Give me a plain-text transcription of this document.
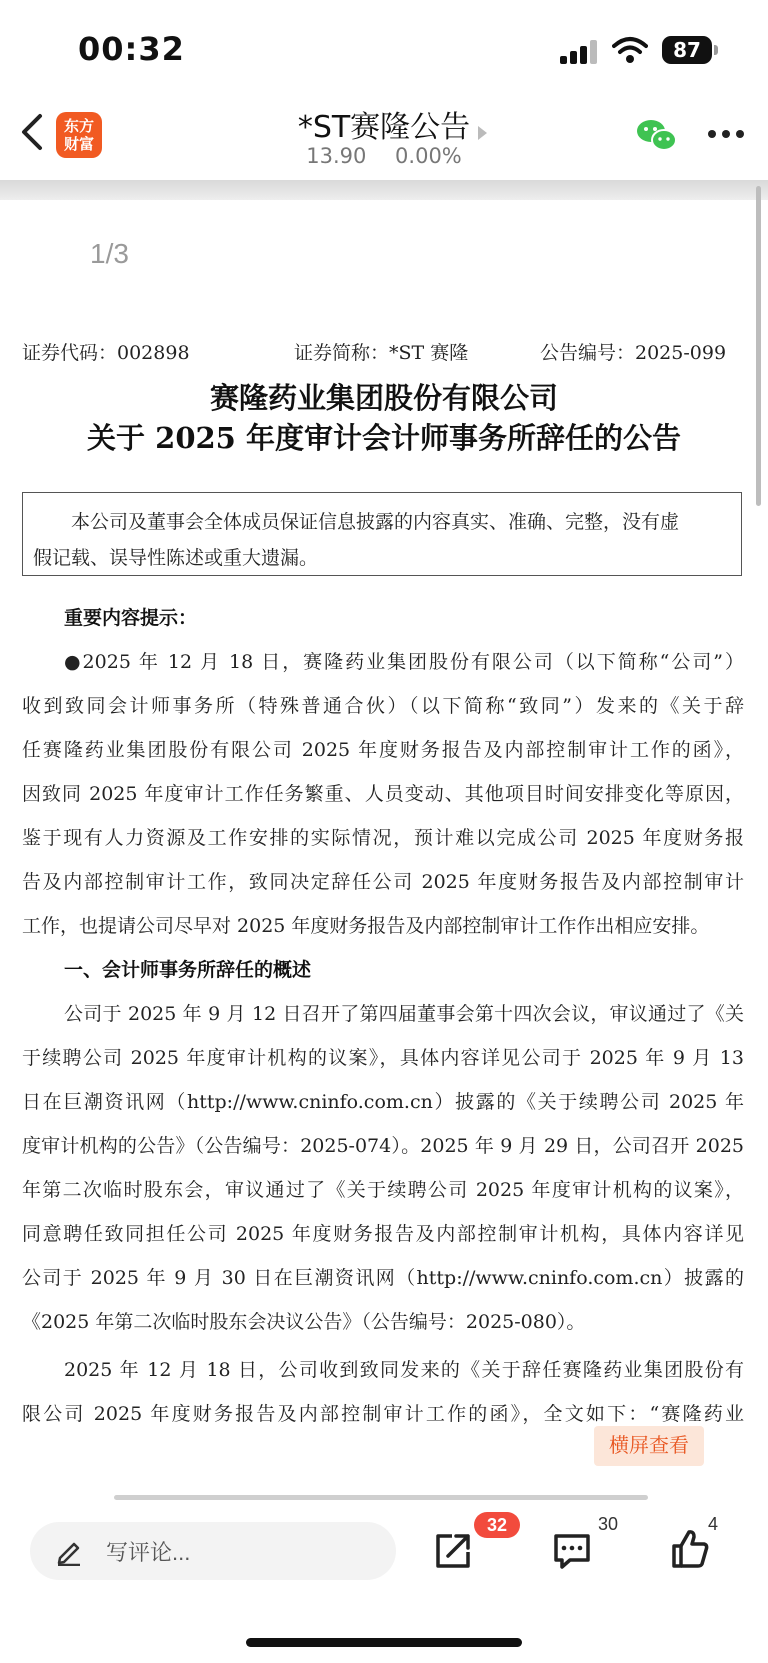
00:32	87
东方
财富	*ST赛隆公告
13.90 0.00%
1/3
证券代码：002898	证券简称：*ST 赛隆	公告编号：2025-099
赛隆药业集团股份有限公司
关于 2025 年度审计会计师事务所辞任的公告
本公司及董事会全体成员保证信息披露的内容真实、准确、完整，没有虚
假记载、误导性陈述或重大遗漏。
重要内容提示：
●2025 年 12 月 18 日，赛隆药业集团股份有限公司（以下简称“公司”）
收到致同会计师事务所（特殊普通合伙）（以下简称“致同”）发来的《关于辞
任赛隆药业集团股份有限公司 2025 年度财务报告及内部控制审计工作的函》，
因致同 2025 年度审计工作任务繁重、人员变动、其他项目时间安排变化等原因，
鉴于现有人力资源及工作安排的实际情况，预计难以完成公司 2025 年度财务报
告及内部控制审计工作，致同决定辞任公司 2025 年度财务报告及内部控制审计
工作，也提请公司尽早对 2025 年度财务报告及内部控制审计工作作出相应安排。
一、会计师事务所辞任的概述
公司于 2025 年 9 月 12 日召开了第四届董事会第十四次会议，审议通过了《关
于续聘公司 2025 年度审计机构的议案》，具体内容详见公司于 2025 年 9 月 13
日在巨潮资讯网（http://www.cninfo.com.cn）披露的《关于续聘公司 2025 年
度审计机构的公告》（公告编号：2025-074）。2025 年 9 月 29 日，公司召开 2025
年第二次临时股东会，审议通过了《关于续聘公司 2025 年度审计机构的议案》，
同意聘任致同担任公司 2025 年度财务报告及内部控制审计机构，具体内容详见
公司于 2025 年 9 月 30 日在巨潮资讯网（http://www.cninfo.com.cn）披露的
《2025 年第二次临时股东会决议公告》（公告编号：2025-080）。
2025 年 12 月 18 日，公司收到致同发来的《关于辞任赛隆药业集团股份有
限公司 2025 年度财务报告及内部控制审计工作的函》，全文如下：“赛隆药业
横屏查看
写评论...
32	30	4
